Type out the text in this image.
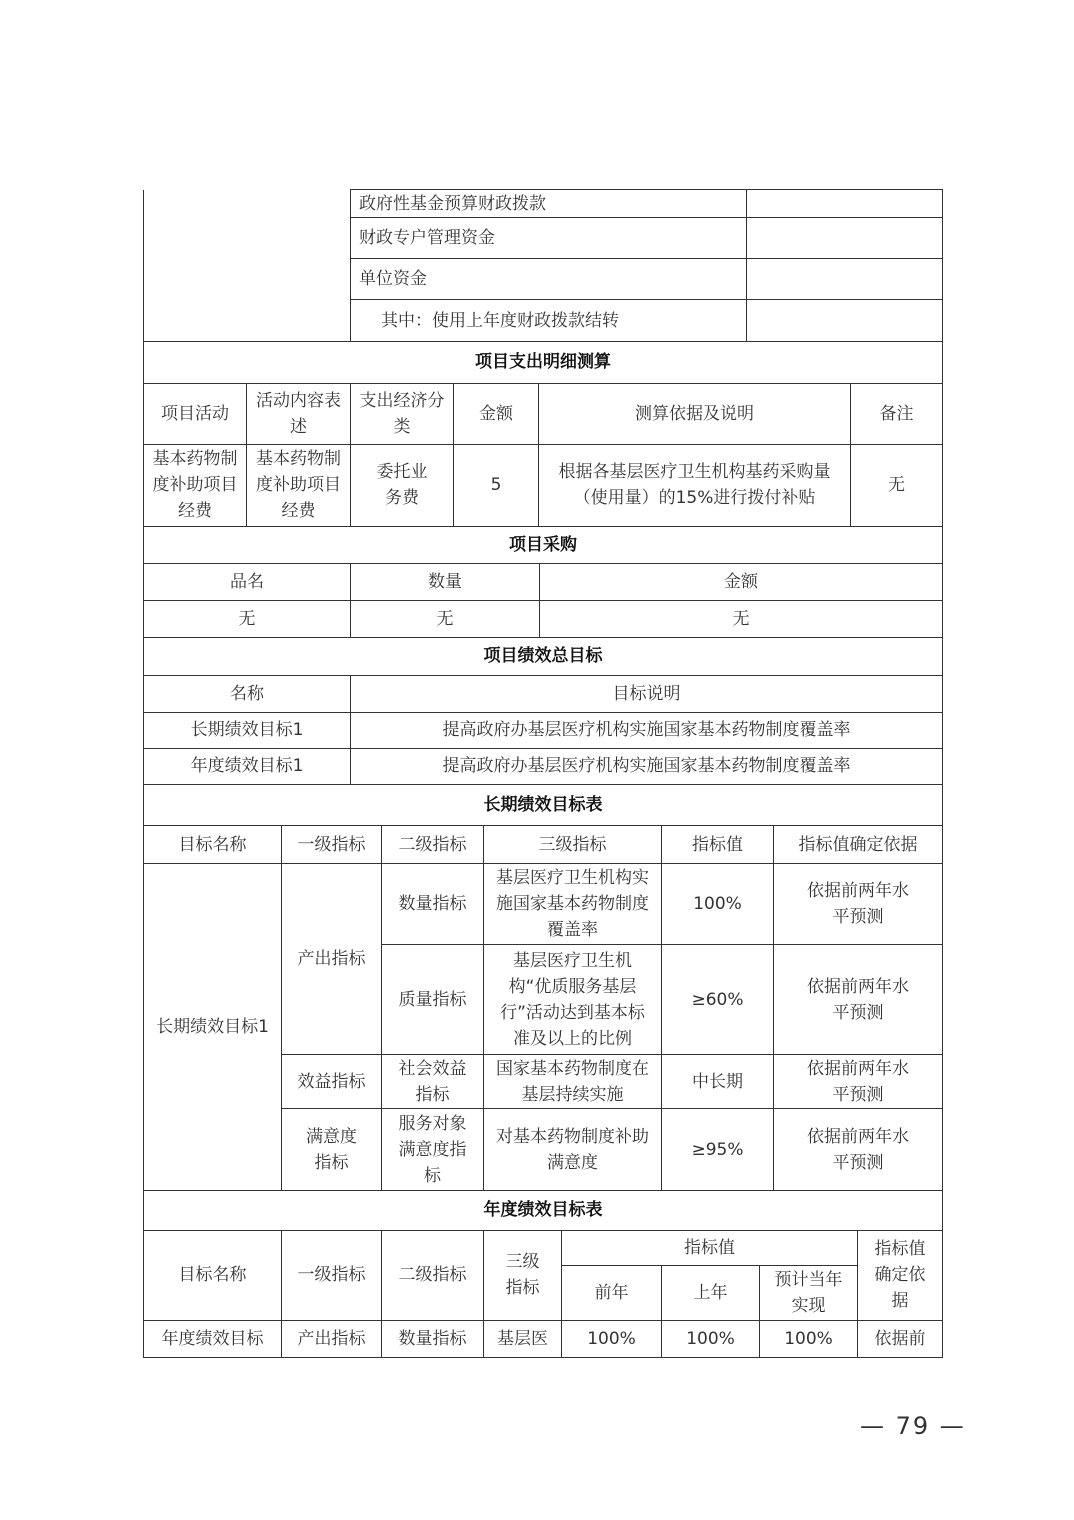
	政府性基金预算财政拨款	
	财政专户管理资金	
	单位资金	
	其中：使用上年度财政拨款结转	
项目支出明细测算					
项目活动	活动内容表述	支出经济分类	金额	测算依据及说明	备注
基本药物制度补助项目经费	基本药物制度补助项目经费	委托业务费	5	根据各基层医疗卫生机构基药采购量（使用量）的15%进行拨付补贴	无
项目采购		
品名	数量	金额
无	无	无
项目绩效总目标	
名称	目标说明
长期绩效目标1	提高政府办基层医疗机构实施国家基本药物制度覆盖率
年度绩效目标1	提高政府办基层医疗机构实施国家基本药物制度覆盖率
长期绩效目标表					
目标名称	一级指标	二级指标	三级指标	指标值	指标值确定依据
长期绩效目标1	产出指标	数量指标	基层医疗卫生机构实施国家基本药物制度覆盖率	100%	依据前两年水平预测
		质量指标	基层医疗卫生机构“优质服务基层行”活动达到基本标准及以上的比例	≥60%	依据前两年水平预测
	效益指标	社会效益指标	国家基本药物制度在基层持续实施	中长期	依据前两年水平预测
	满意度指标	服务对象满意度指标	对基本药物制度补助满意度	≥95%	依据前两年水平预测
年度绩效目标表							
目标名称	一级指标	二级指标	三级指标	指标值			指标值确定依据
				前年	上年	预计当年实现	
年度绩效目标	产出指标	数量指标	基层医	100%	100%	100%	依据前
— 79 —
